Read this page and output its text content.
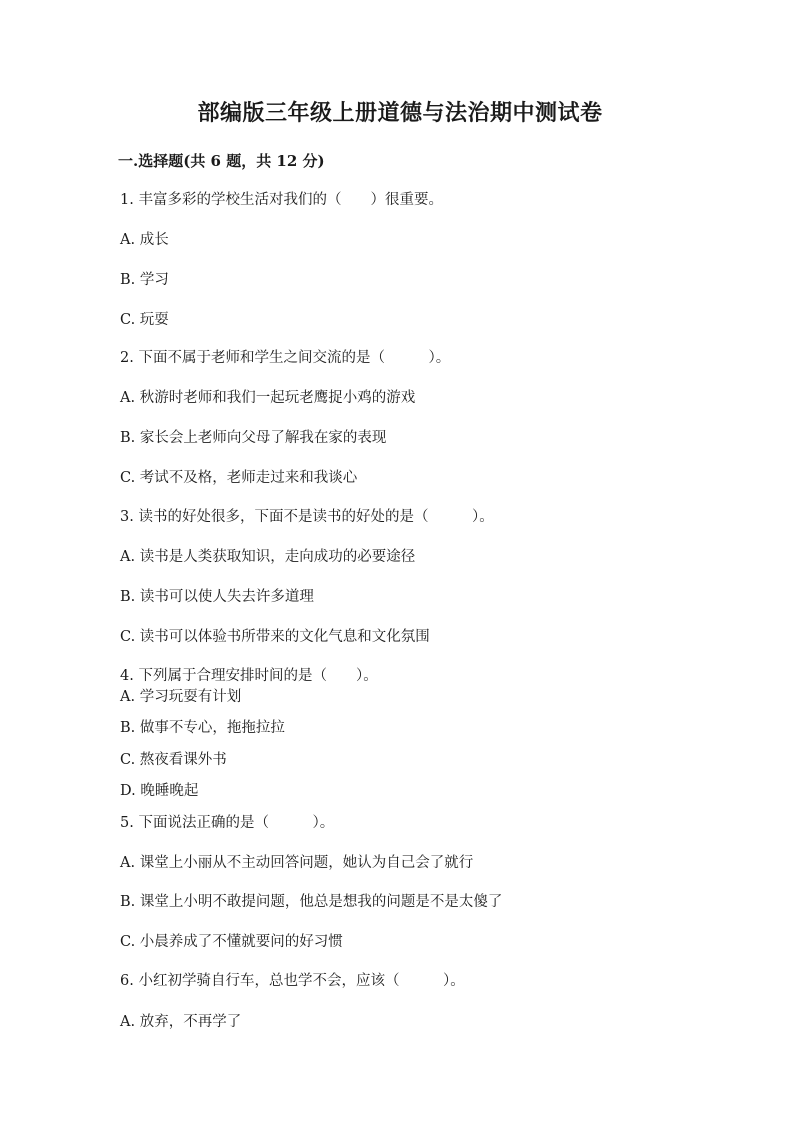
部编版三年级上册道德与法治期中测试卷
一.选择题(共 6 题，共 12 分)
1. 丰富多彩的学校生活对我们的（　　）很重要。
A. 成长
B. 学习
C. 玩耍
2. 下面不属于老师和学生之间交流的是（　　　）。
A. 秋游时老师和我们一起玩老鹰捉小鸡的游戏
B. 家长会上老师向父母了解我在家的表现
C. 考试不及格，老师走过来和我谈心
3. 读书的好处很多，下面不是读书的好处的是（　　　）。
A. 读书是人类获取知识，走向成功的必要途径
B. 读书可以使人失去许多道理
C. 读书可以体验书所带来的文化气息和文化氛围
4. 下列属于合理安排时间的是（　　）。
A. 学习玩耍有计划
B. 做事不专心，拖拖拉拉
C. 熬夜看课外书
D. 晚睡晚起
5. 下面说法正确的是（　　　）。
A. 课堂上小丽从不主动回答问题，她认为自己会了就行
B. 课堂上小明不敢提问题，他总是想我的问题是不是太傻了
C. 小晨养成了不懂就要问的好习惯
6. 小红初学骑自行车，总也学不会，应该（　　　）。
A. 放弃，不再学了
